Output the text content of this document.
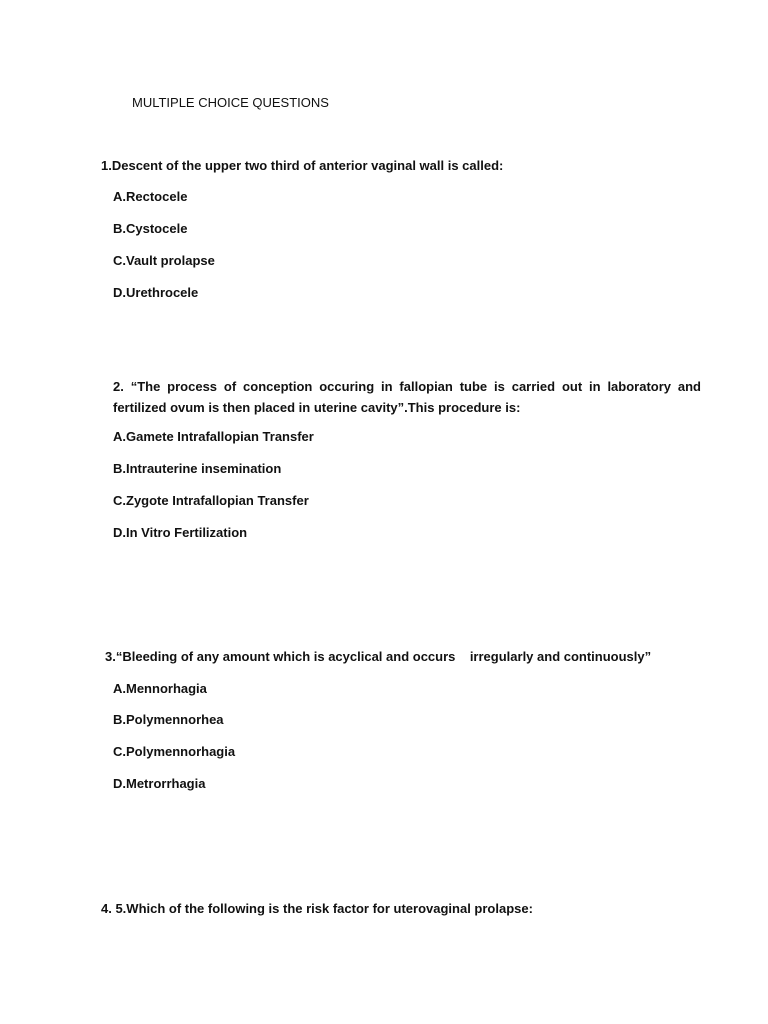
MULTIPLE CHOICE QUESTIONS
1.Descent of the upper two third of anterior vaginal wall is called:
A.Rectocele
B.Cystocele
C.Vault prolapse
D.Urethrocele
2. “The process of conception occuring in fallopian tube is carried out in laboratory and fertilized ovum is then placed in uterine cavity”.This procedure is:
A.Gamete Intrafallopian Transfer
B.Intrauterine insemination
C.Zygote Intrafallopian Transfer
D.In Vitro Fertilization
3.“Bleeding of any amount which is acyclical and occurs    irregularly and continuously”
A.Mennorhagia
B.Polymennorhea
C.Polymennorhagia
D.Metrorrhagia
4. 5.Which of the following is the risk factor for uterovaginal prolapse:
